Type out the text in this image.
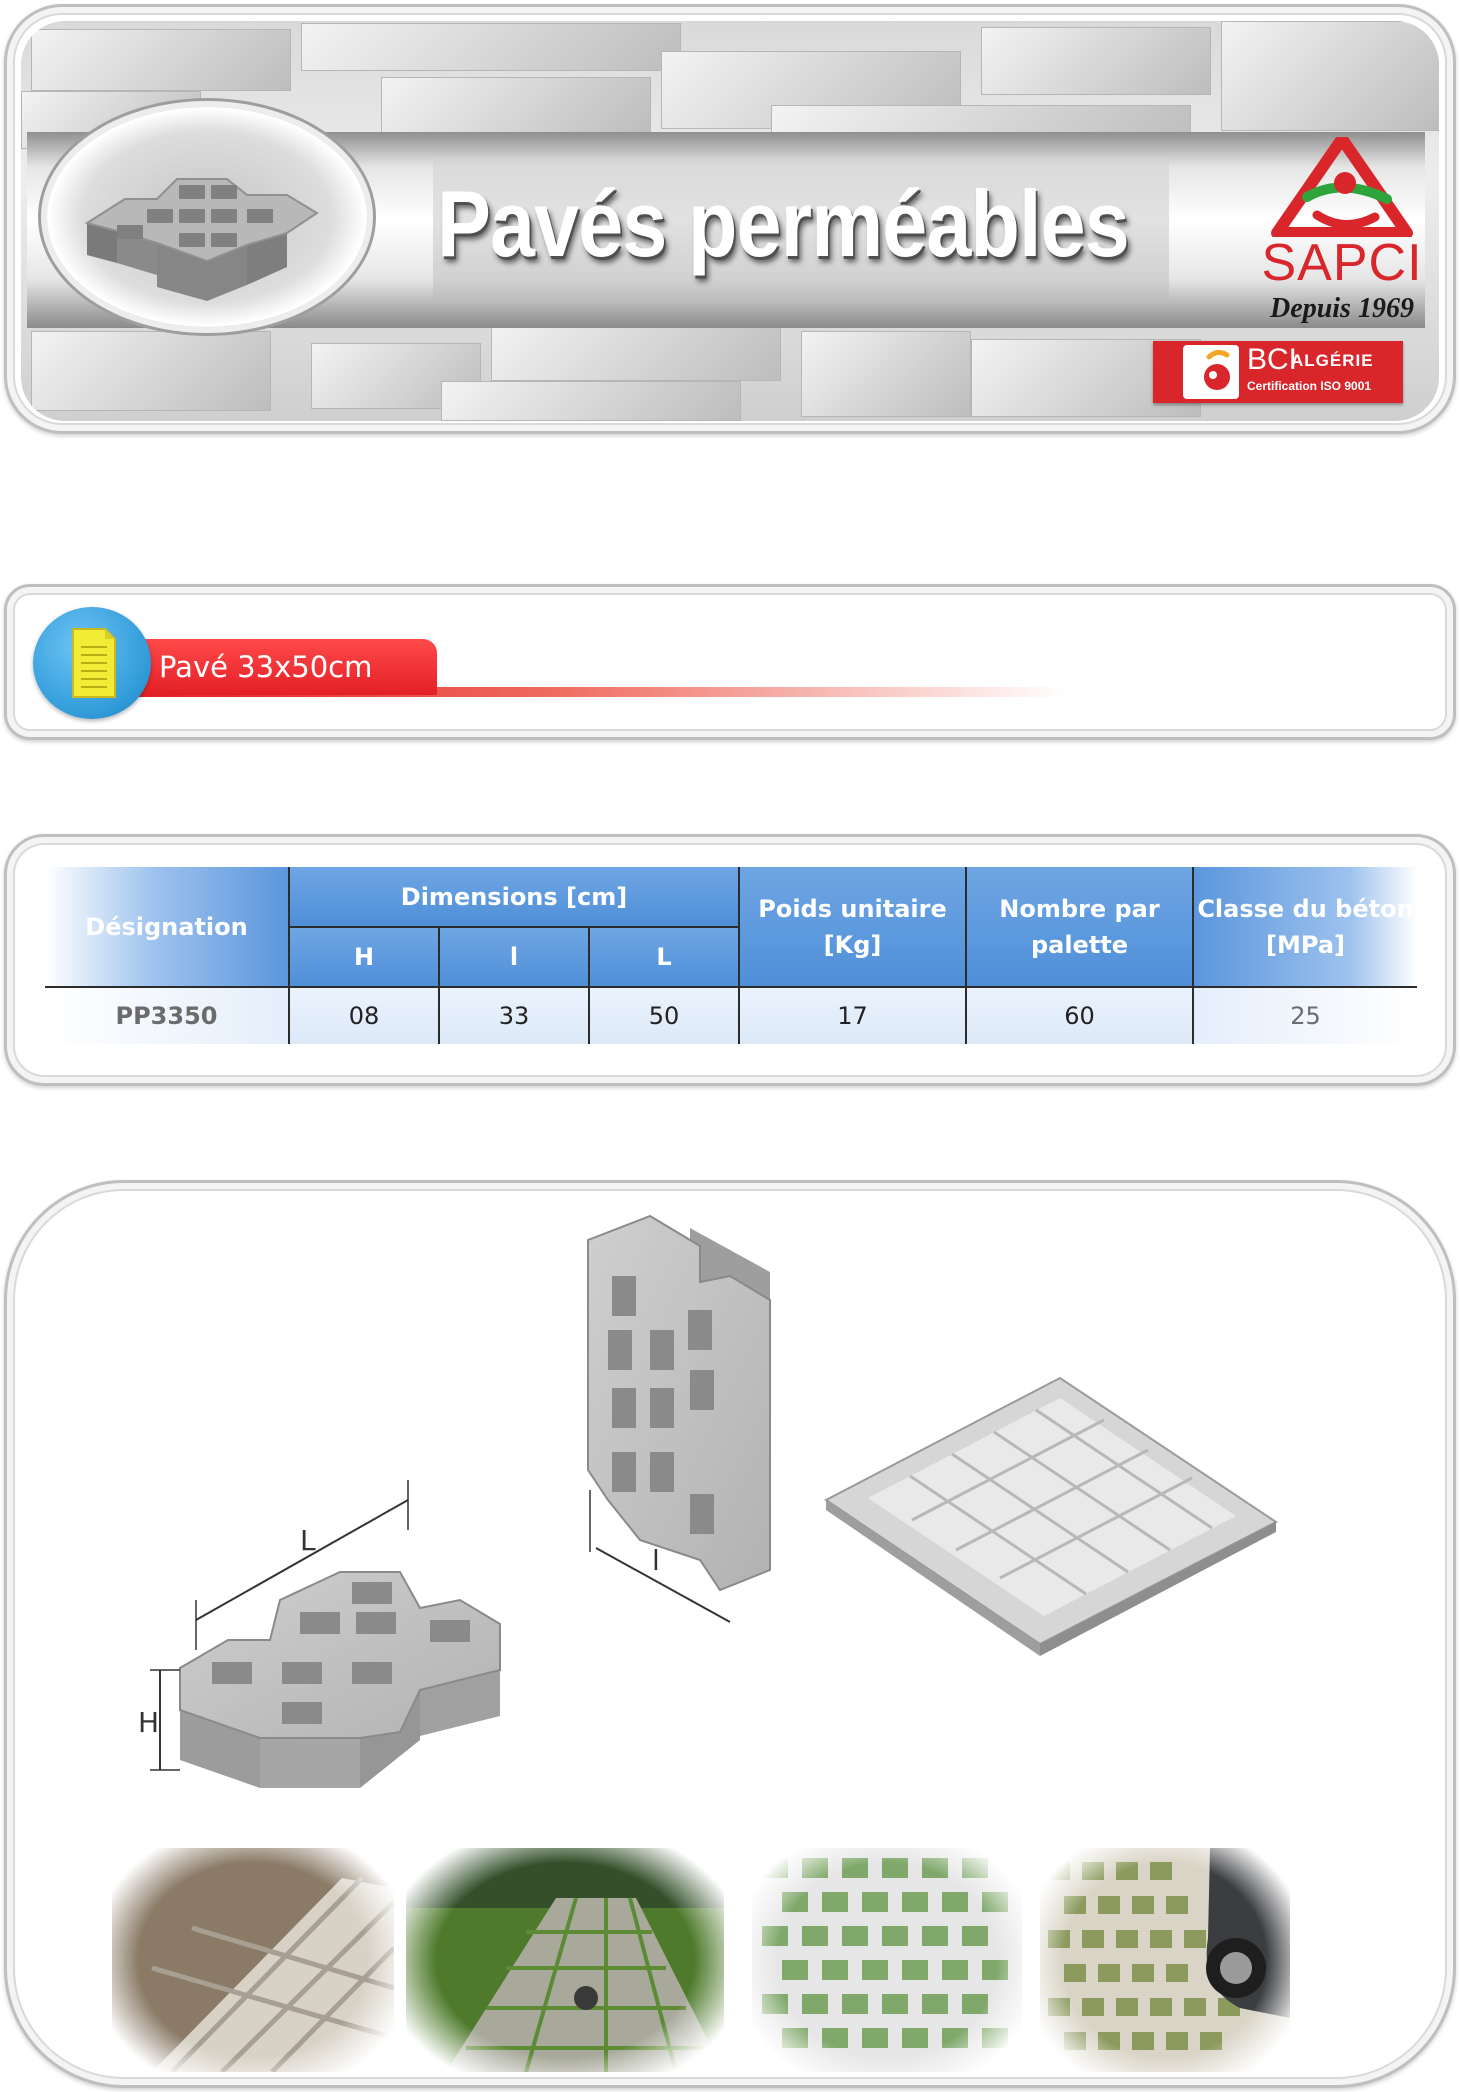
Pavés perméables	SAPCI
Depuis 1969
BCI
ALGÉRIE
Certification ISO 9001
Pavé 33x50cm
Désignation	Dimensions [cm]			Poids unitaire [Kg]	Nombre par palette	Classe du béton [MPa]
	H	l	L			
PP3350	08	33	50	17	60	25
L
H
l
